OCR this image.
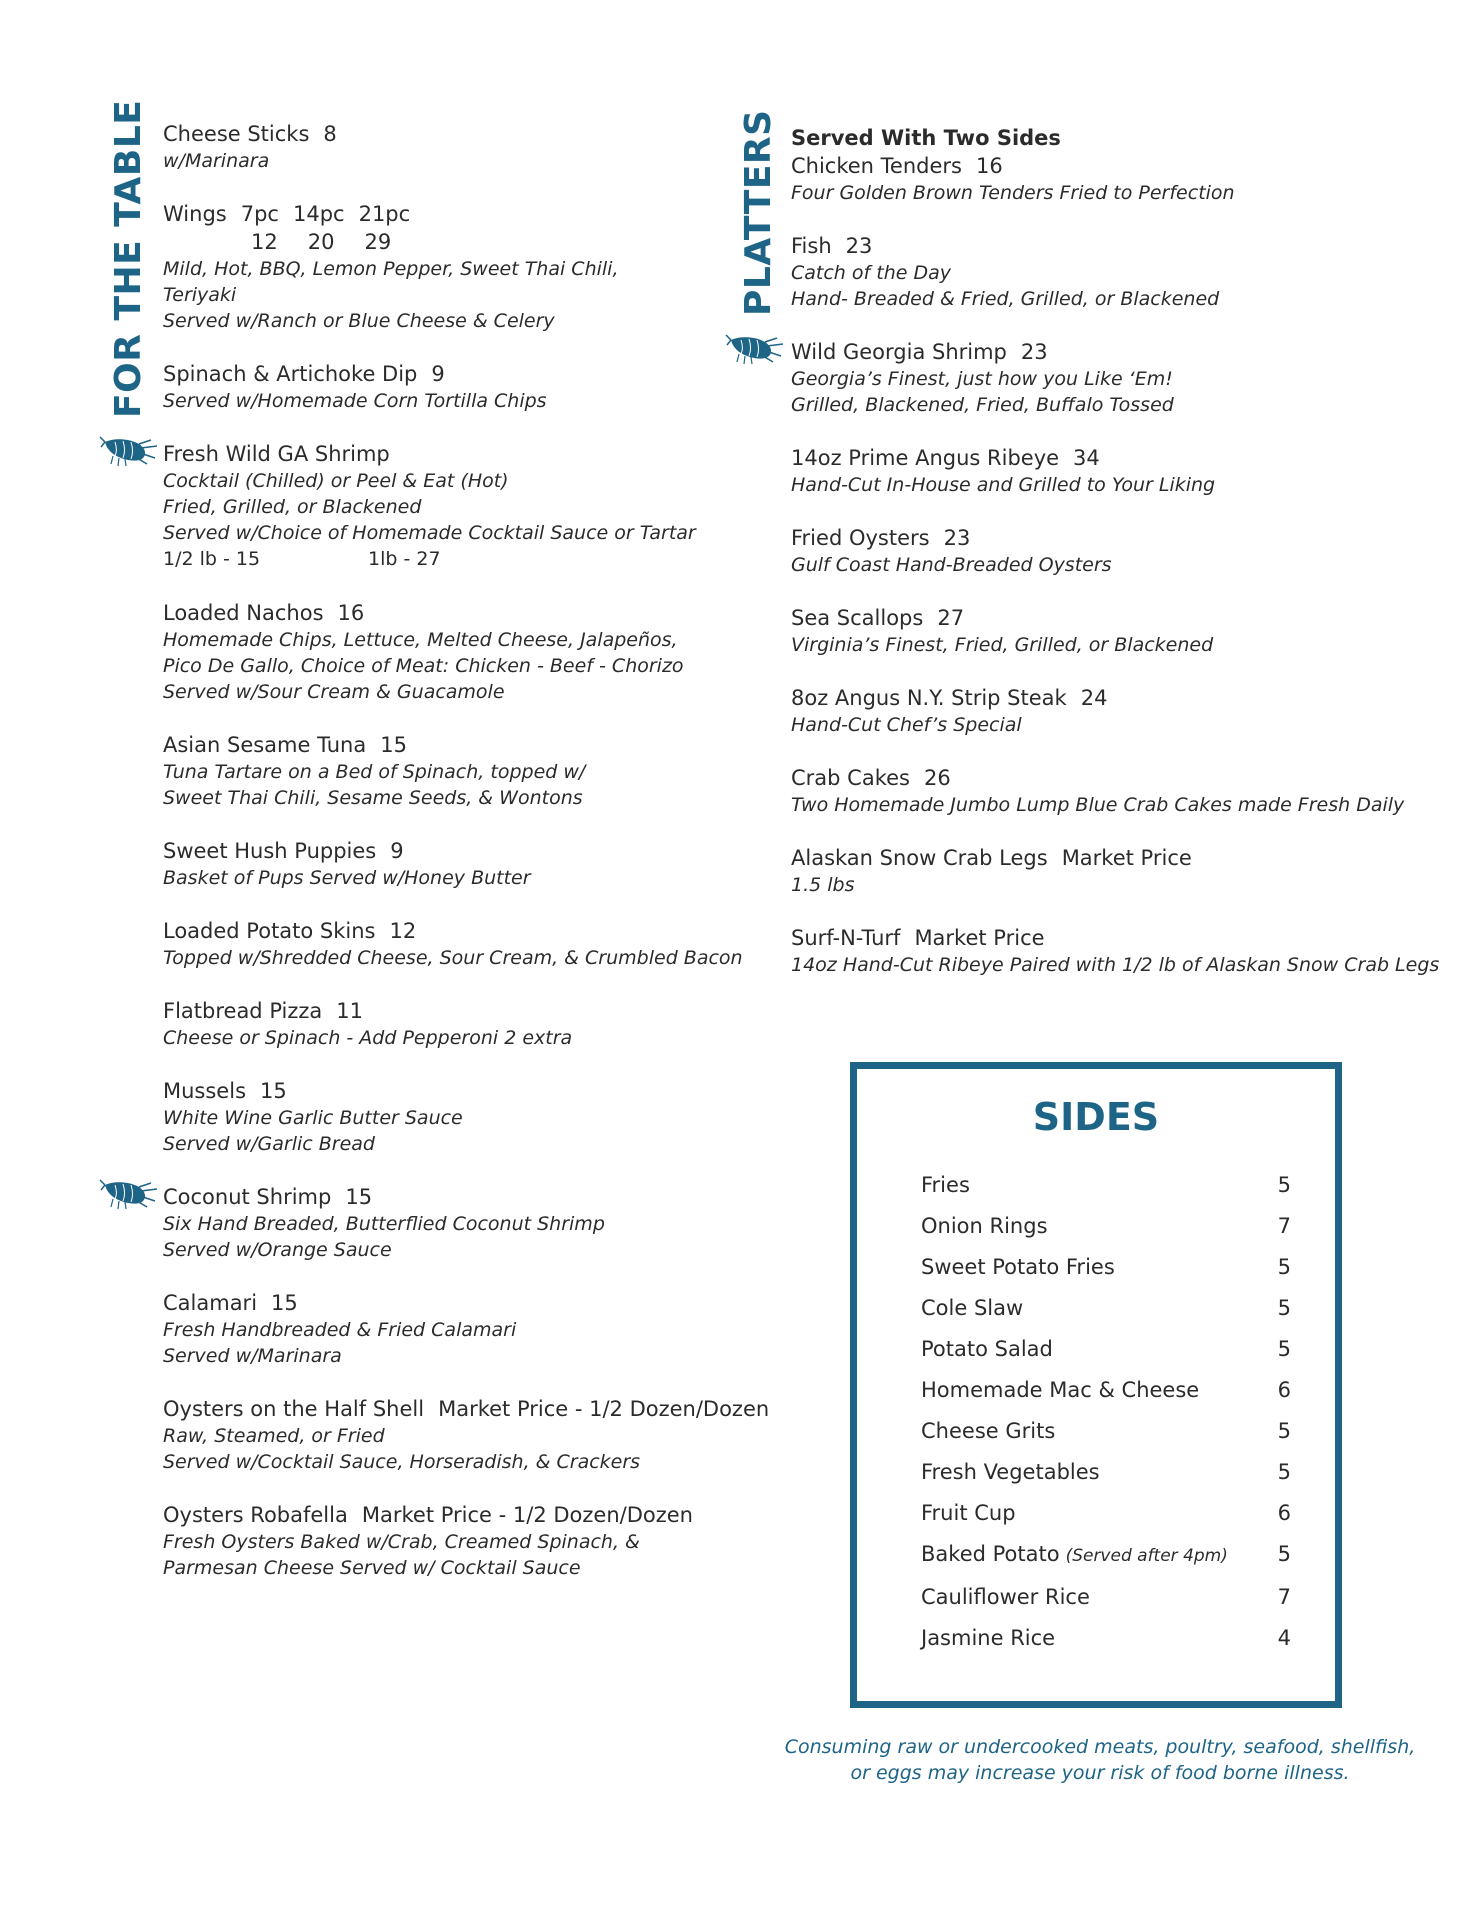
FOR THE TABLE	PLATTERS
Cheese Sticks 8
w/Marinara
Wings 7pc 14pc 21pc
12 20 29
Mild, Hot, BBQ, Lemon Pepper, Sweet Thai Chili,
Teriyaki
Served w/Ranch or Blue Cheese & Celery
Spinach & Artichoke Dip 9
Served w/Homemade Corn Tortilla Chips
Fresh Wild GA Shrimp
Cocktail (Chilled) or Peel & Eat (Hot)
Fried, Grilled, or Blackened
Served w/Choice of Homemade Cocktail Sauce or Tartar
1/2 lb - 15	1lb - 27
Loaded Nachos 16
Homemade Chips, Lettuce, Melted Cheese, Jalapeños,
Pico De Gallo, Choice of Meat: Chicken - Beef - Chorizo
Served w/Sour Cream & Guacamole
Asian Sesame Tuna 15
Tuna Tartare on a Bed of Spinach, topped w/
Sweet Thai Chili, Sesame Seeds, & Wontons
Sweet Hush Puppies 9
Basket of Pups Served w/Honey Butter
Loaded Potato Skins 12
Topped w/Shredded Cheese, Sour Cream, & Crumbled Bacon
Flatbread Pizza 11
Cheese or Spinach - Add Pepperoni 2 extra
Mussels 15
White Wine Garlic Butter Sauce
Served w/Garlic Bread
Coconut Shrimp 15
Six Hand Breaded, Butterflied Coconut Shrimp
Served w/Orange Sauce
Calamari 15
Fresh Handbreaded & Fried Calamari
Served w/Marinara
Oysters on the Half Shell Market Price - 1/2 Dozen/Dozen
Raw, Steamed, or Fried
Served w/Cocktail Sauce, Horseradish, & Crackers
Oysters Robafella Market Price - 1/2 Dozen/Dozen
Fresh Oysters Baked w/Crab, Creamed Spinach, &
Parmesan Cheese Served w/ Cocktail Sauce
Served With Two Sides
Chicken Tenders 16
Four Golden Brown Tenders Fried to Perfection
Fish 23
Catch of the Day
Hand- Breaded & Fried, Grilled, or Blackened
Wild Georgia Shrimp 23
Georgia’s Finest, just how you Like ‘Em!
Grilled, Blackened, Fried, Buffalo Tossed
14oz Prime Angus Ribeye 34
Hand-Cut In-House and Grilled to Your Liking
Fried Oysters 23
Gulf Coast Hand-Breaded Oysters
Sea Scallops 27
Virginia’s Finest, Fried, Grilled, or Blackened
8oz Angus N.Y. Strip Steak 24
Hand-Cut Chef’s Special
Crab Cakes 26
Two Homemade Jumbo Lump Blue Crab Cakes made Fresh Daily
Alaskan Snow Crab Legs Market Price
1.5 lbs
Surf-N-Turf Market Price
14oz Hand-Cut Ribeye Paired with 1/2 lb of Alaskan Snow Crab Legs
SIDES
Fries	5
Onion Rings	7
Sweet Potato Fries	5
Cole Slaw	5
Potato Salad	5
Homemade Mac & Cheese	6
Cheese Grits	5
Fresh Vegetables	5
Fruit Cup	6
Baked Potato (Served after 4pm) 5
Cauliflower Rice	7
Jasmine Rice	4
Consuming raw or undercooked meats, poultry, seafood, shellfish,
or eggs may increase your risk of food borne illness.
